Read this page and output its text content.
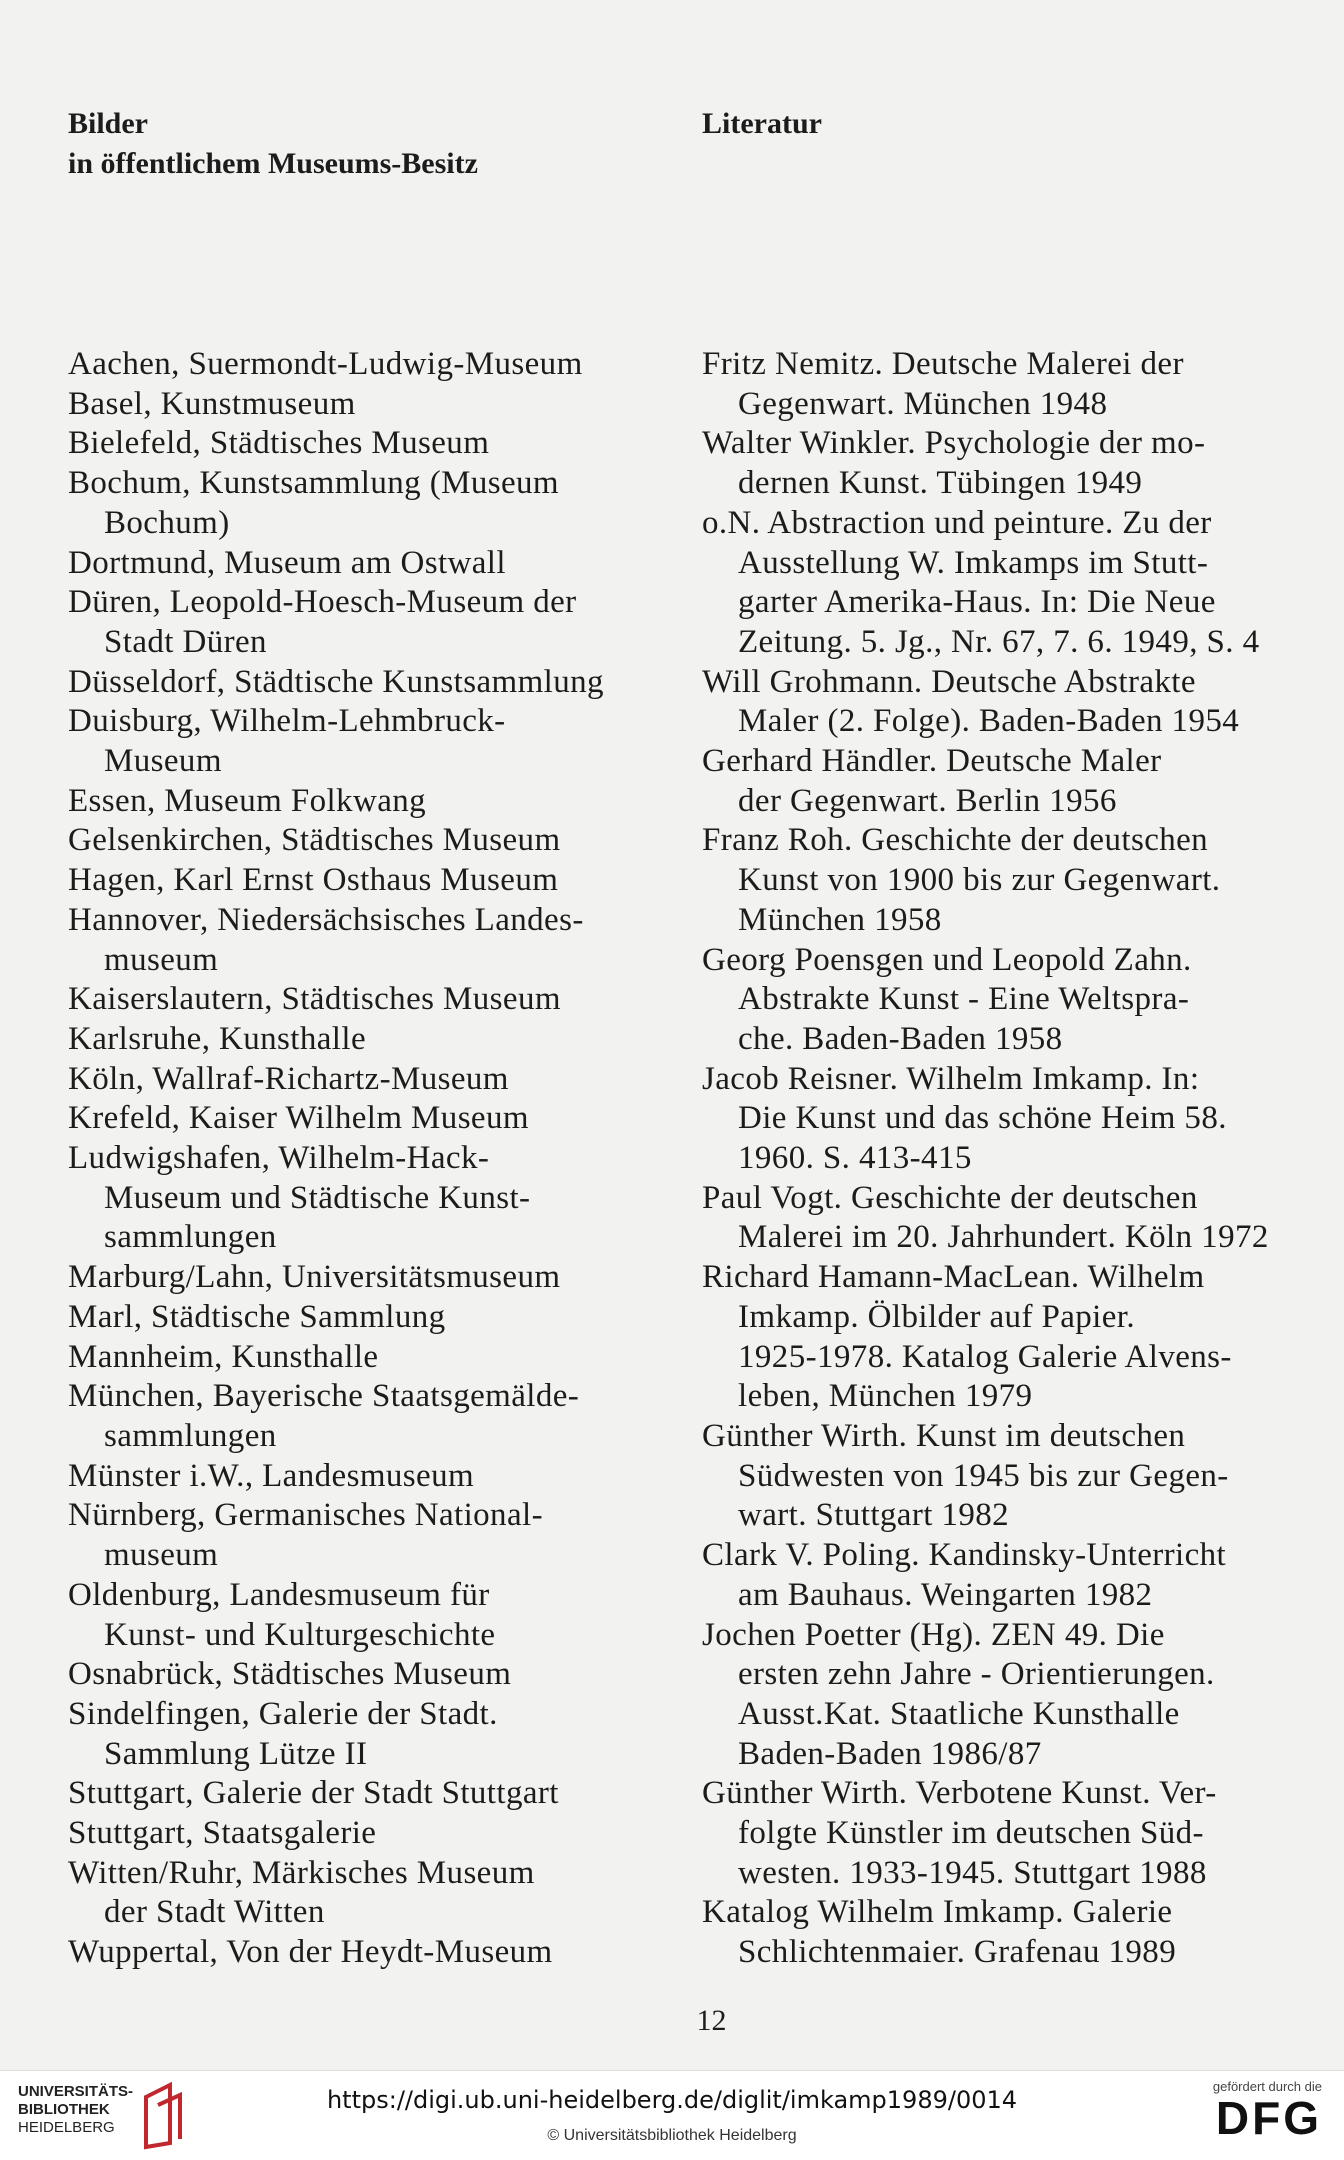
Bilder
in öffentlichem Museums-Besitz
Literatur
Aachen, Suermondt-Ludwig-Museum
Basel, Kunstmuseum
Bielefeld, Städtisches Museum
Bochum, Kunstsammlung (Museum
Bochum)
Dortmund, Museum am Ostwall
Düren, Leopold-Hoesch-Museum der
Stadt Düren
Düsseldorf, Städtische Kunstsammlung
Duisburg, Wilhelm-Lehmbruck-
Museum
Essen, Museum Folkwang
Gelsenkirchen, Städtisches Museum
Hagen, Karl Ernst Osthaus Museum
Hannover, Niedersächsisches Landes-
museum
Kaiserslautern, Städtisches Museum
Karlsruhe, Kunsthalle
Köln, Wallraf-Richartz-Museum
Krefeld, Kaiser Wilhelm Museum
Ludwigshafen, Wilhelm-Hack-
Museum und Städtische Kunst-
sammlungen
Marburg/Lahn, Universitätsmuseum
Marl, Städtische Sammlung
Mannheim, Kunsthalle
München, Bayerische Staatsgemälde-
sammlungen
Münster i.W., Landesmuseum
Nürnberg, Germanisches National-
museum
Oldenburg, Landesmuseum für
Kunst- und Kulturgeschichte
Osnabrück, Städtisches Museum
Sindelfingen, Galerie der Stadt.
Sammlung Lütze II
Stuttgart, Galerie der Stadt Stuttgart
Stuttgart, Staatsgalerie
Witten/Ruhr, Märkisches Museum
der Stadt Witten
Wuppertal, Von der Heydt-Museum
Fritz Nemitz. Deutsche Malerei der
Gegenwart. München 1948
Walter Winkler. Psychologie der mo-
dernen Kunst. Tübingen 1949
o.N. Abstraction und peinture. Zu der
Ausstellung W. Imkamps im Stutt-
garter Amerika-Haus. In: Die Neue
Zeitung. 5. Jg., Nr. 67, 7. 6. 1949, S. 4
Will Grohmann. Deutsche Abstrakte
Maler (2. Folge). Baden-Baden 1954
Gerhard Händler. Deutsche Maler
der Gegenwart. Berlin 1956
Franz Roh. Geschichte der deutschen
Kunst von 1900 bis zur Gegenwart.
München 1958
Georg Poensgen und Leopold Zahn.
Abstrakte Kunst - Eine Weltspra-
che. Baden-Baden 1958
Jacob Reisner. Wilhelm Imkamp. In:
Die Kunst und das schöne Heim 58.
1960. S. 413-415
Paul Vogt. Geschichte der deutschen
Malerei im 20. Jahrhundert. Köln 1972
Richard Hamann-MacLean. Wilhelm
Imkamp. Ölbilder auf Papier.
1925-1978. Katalog Galerie Alvens-
leben, München 1979
Günther Wirth. Kunst im deutschen
Südwesten von 1945 bis zur Gegen-
wart. Stuttgart 1982
Clark V. Poling. Kandinsky-Unterricht
am Bauhaus. Weingarten 1982
Jochen Poetter (Hg). ZEN 49. Die
ersten zehn Jahre - Orientierungen.
Ausst.Kat. Staatliche Kunsthalle
Baden-Baden 1986/87
Günther Wirth. Verbotene Kunst. Ver-
folgte Künstler im deutschen Süd-
westen. 1933-1945. Stuttgart 1988
Katalog Wilhelm Imkamp. Galerie
Schlichtenmaier. Grafenau 1989
12
UNIVERSITÄTS-
BIBLIOTHEK
HEIDELBERG
https://digi.ub.uni-heidelberg.de/diglit/imkamp1989/0014
© Universitätsbibliothek Heidelberg
gefördert durch die
DFG
